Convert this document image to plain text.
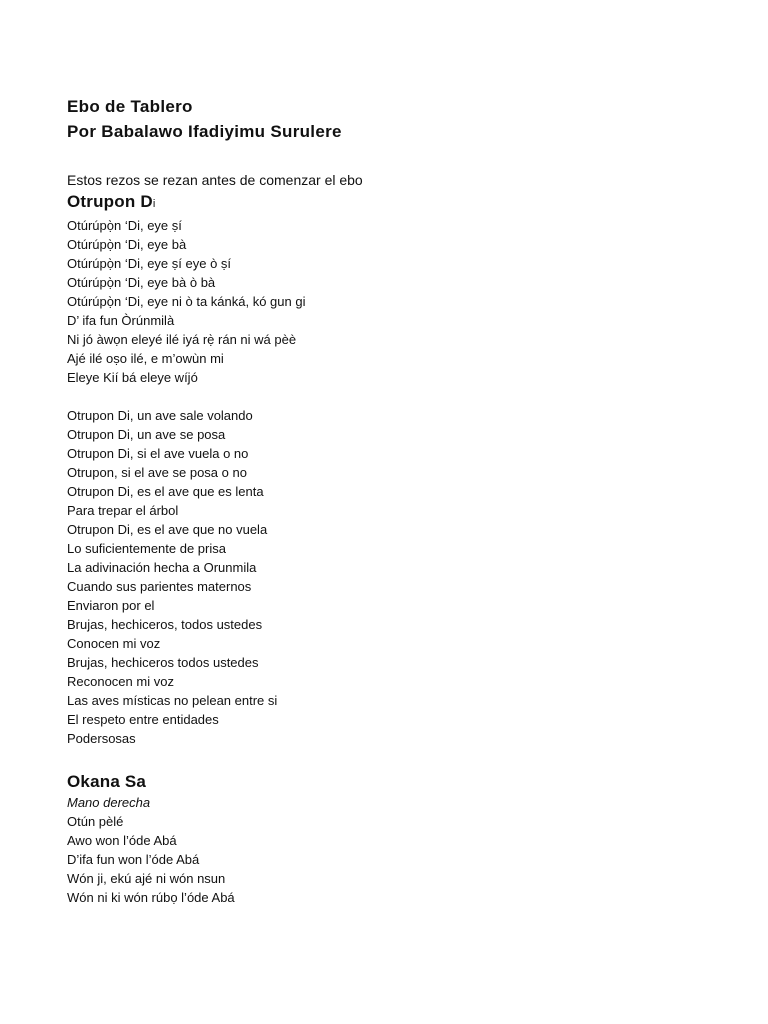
Ebo de Tablero
Por Babalawo Ifadiyimu Surulere

Estos rezos se rezan antes de comenzar el ebo

Otrupon Di
Otúrúpọ̀n ‘Di, eye ṣí
Otúrúpọ̀n ‘Di, eye bà
Otúrúpọ̀n ‘Di, eye ṣí eye ò ṣí
Otúrúpọ̀n ‘Di, eye bà ò bà
Otúrúpọ̀n ‘Di, eye ni ò ta kánká, kó gun gi
D’ ifa fun Òrúnmilà
Ni jó àwọn eleyé ilé iyá rẹ̀ rán ni wá pèè
Ajé ilé oṣo ilé, e m’owùn mi
Eleye Kií bá eleye wíjó
Otrupon Di, un ave sale volando
Otrupon Di, un ave se posa
Otrupon Di, si el ave vuela o no
Otrupon, si el ave se posa o no
Otrupon Di, es el ave que es lenta
Para trepar el árbol
Otrupon Di, es el ave que no vuela
Lo suficientemente de prisa
La adivinación hecha a Orunmila
Cuando sus parientes maternos
Enviaron por el
Brujas, hechiceros, todos ustedes
Conocen mi voz
Brujas, hechiceros todos ustedes
Reconocen mi voz
Las aves místicas no pelean entre si
El respeto entre entidades
Podersosas
Okana Sa

Mano derecha

Otún pèlé
Awo won l’óde Abá
D’ifa fun won l’óde Abá
Wón ji, ekú ajé ni wón nsun
Wón ni ki wón rúbọ l’óde Abá
